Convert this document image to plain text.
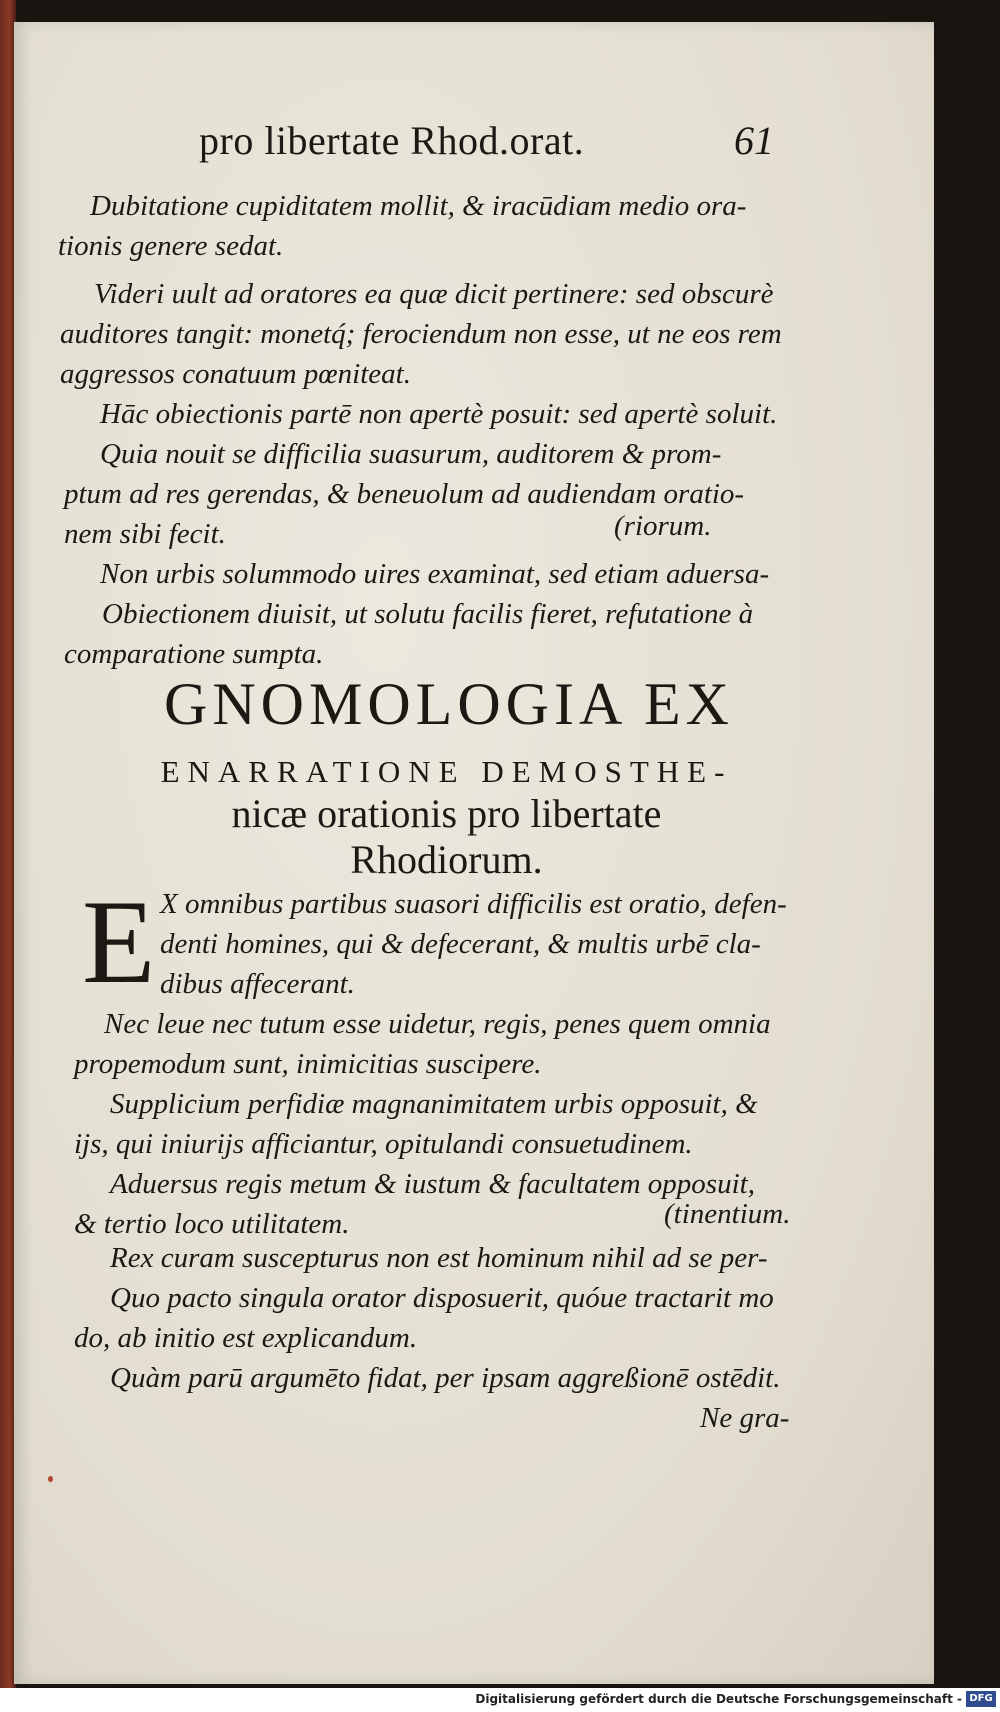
pro libertate Rhod.orat.	61
Dubitatione cupiditatem mollit, & iracūdiam medio ora-
tionis genere sedat.
Videri uult ad oratores ea quæ dicit pertinere: sed obscurè
auditores tangit: monetq́; ferociendum non esse, ut ne eos rem
aggressos conatuum pœniteat.
Hāc obiectionis partē non apertè posuit: sed apertè soluit.
Quia nouit se difficilia suasurum, auditorem & prom-
ptum ad res gerendas, & beneuolum ad audiendam oratio-
nem sibi fecit.	(riorum.
Non urbis solummodo uires examinat, sed etiam aduersa-
Obiectionem diuisit, ut solutu facilis fieret, refutatione à
comparatione sumpta.
GNOMOLOGIA EX
ENARRATIONE DEMOSTHE-
nicæ orationis pro libertate
Rhodiorum.
E X omnibus partibus suasori difficilis est oratio, defen-
denti homines, qui & defecerant, & multis urbē cla-
dibus affecerant.
Nec leue nec tutum esse uidetur, regis, penes quem omnia
propemodum sunt, inimicitias suscipere.
Supplicium perfidiæ magnanimitatem urbis opposuit, &
ijs, qui iniurijs afficiantur, opitulandi consuetudinem.
Aduersus regis metum & iustum & facultatem opposuit,
& tertio loco utilitatem.	(tinentium.
Rex curam suscepturus non est hominum nihil ad se per-
Quo pacto singula orator disposuerit, quóue tractarit mo
do, ab initio est explicandum.
Quàm parū argumēto fidat, per ipsam aggreßionē ostēdit.
Ne gra-
Digitalisierung gefördert durch die Deutsche Forschungsgemeinschaft - DFG
